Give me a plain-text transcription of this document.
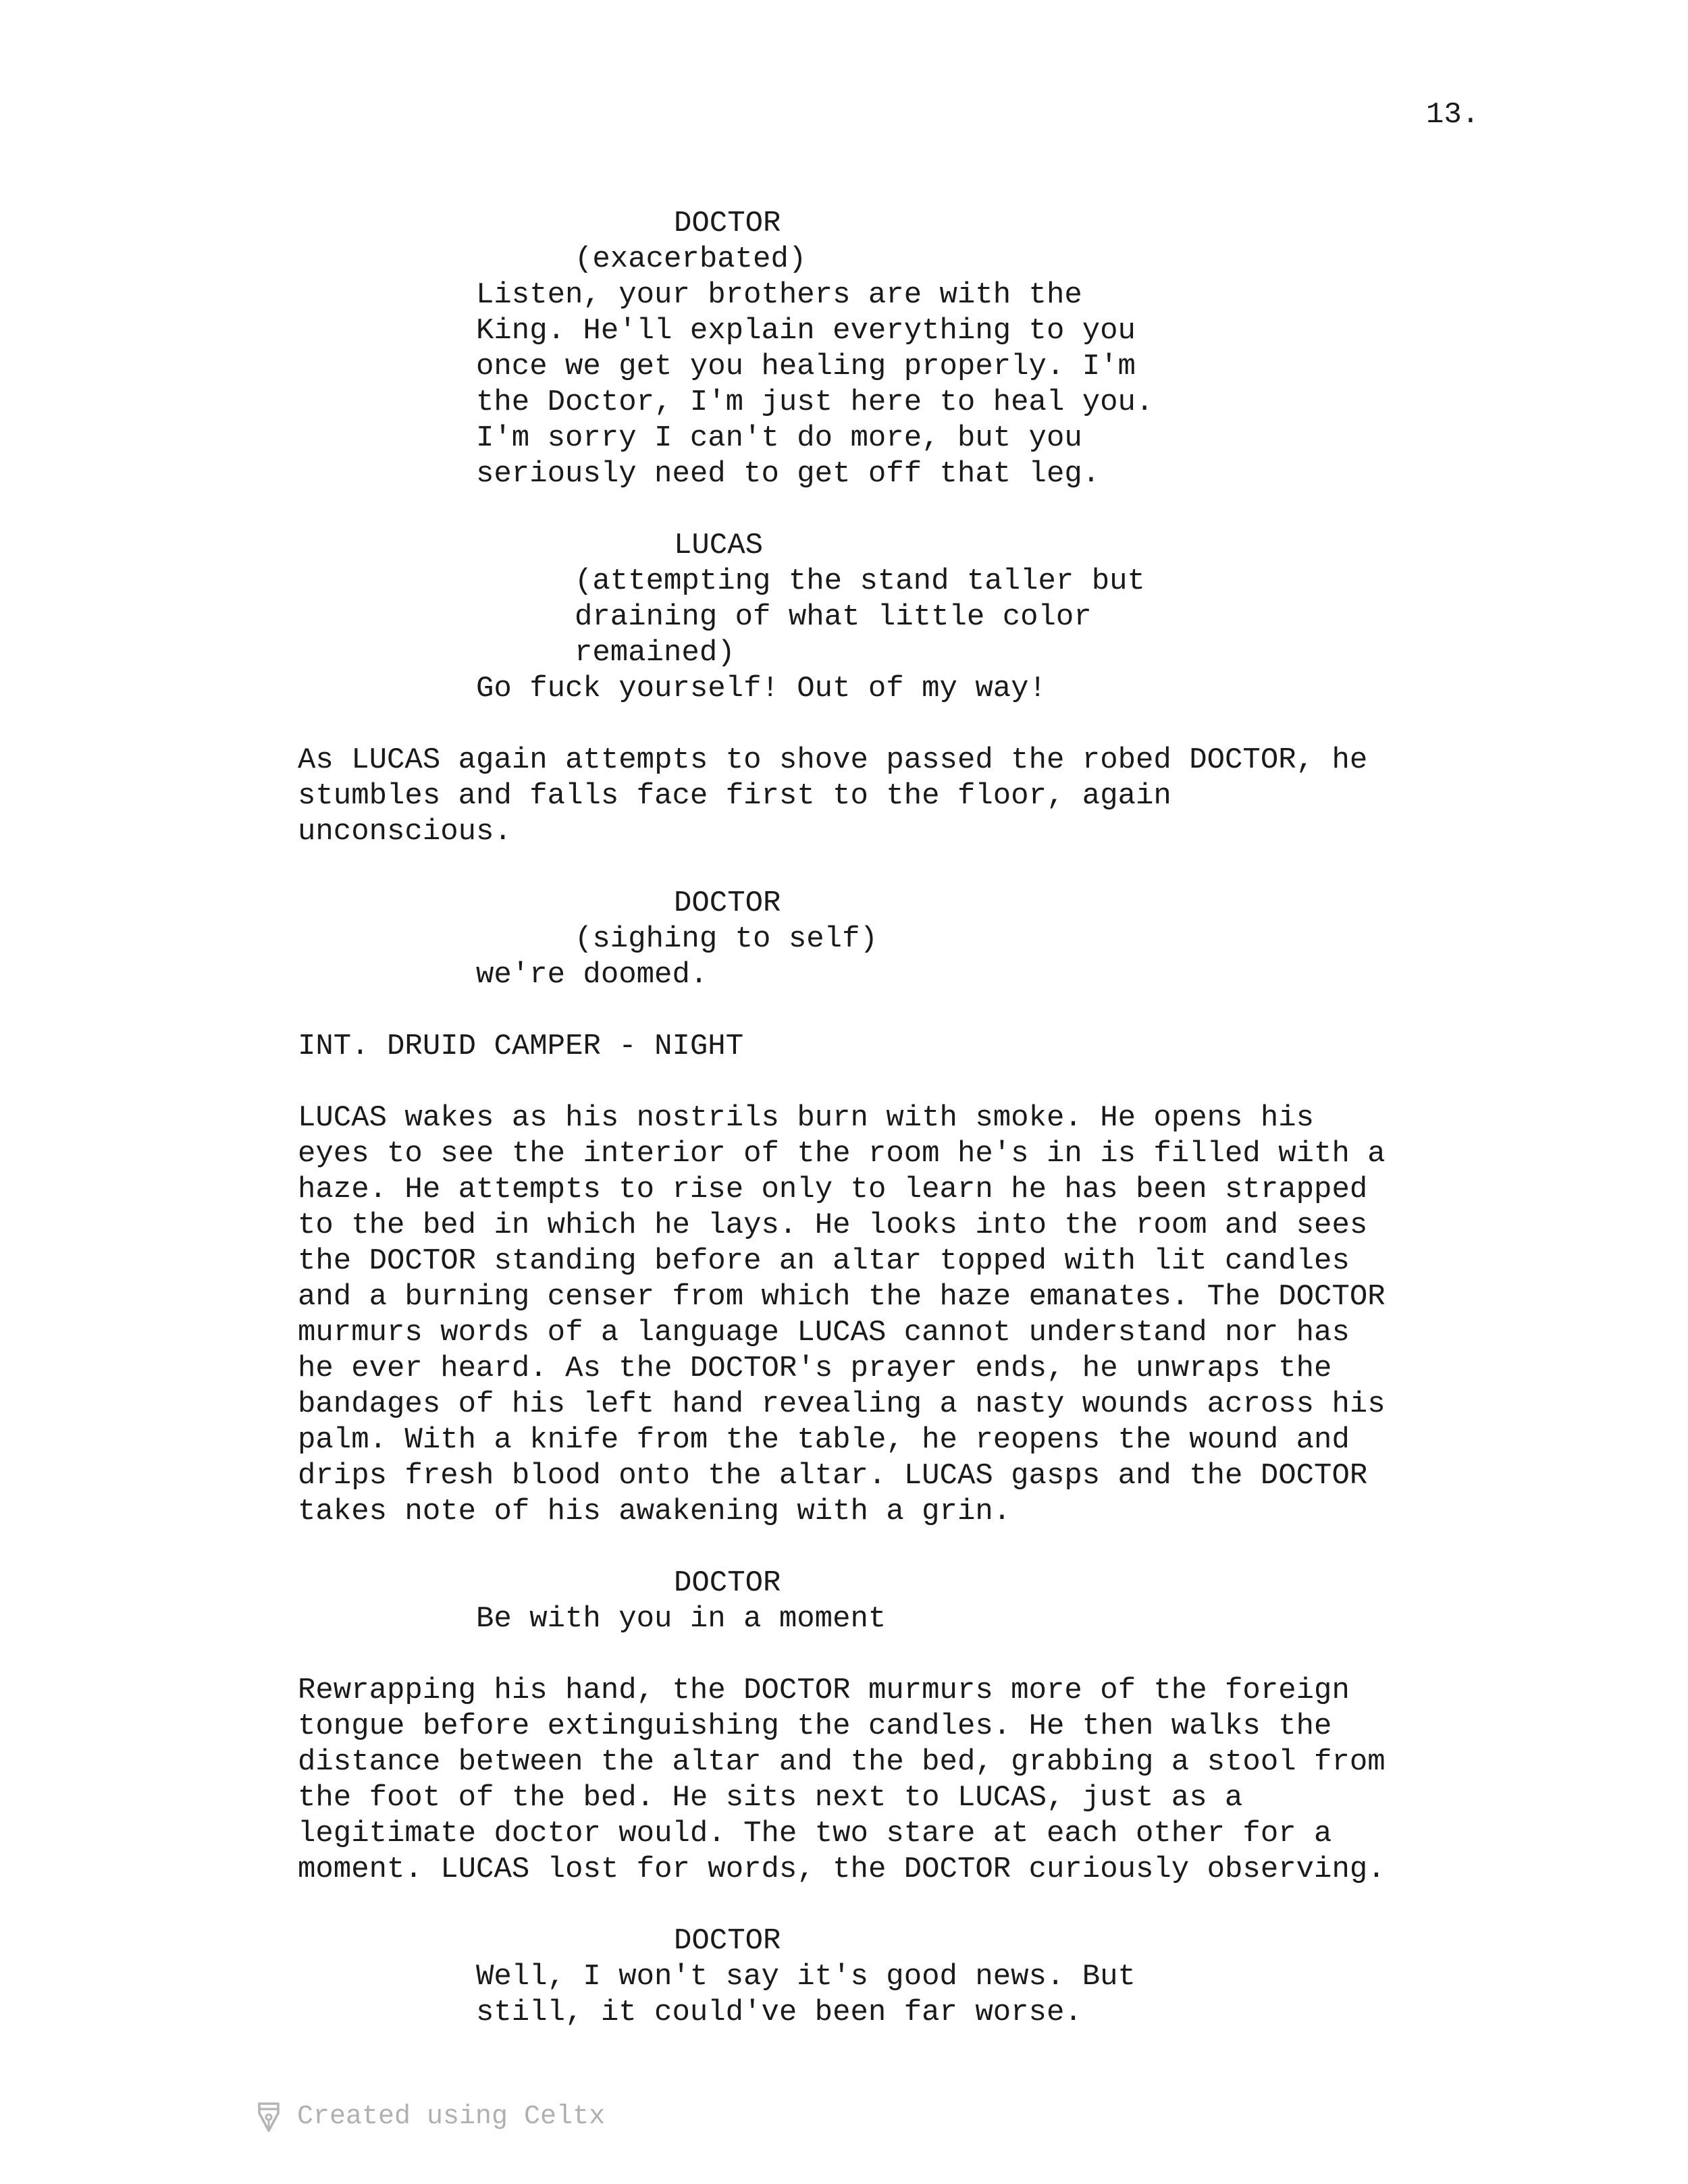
13.
DOCTOR
(exacerbated)
Listen, your brothers are with the
King. He'll explain everything to you
once we get you healing properly. I'm
the Doctor, I'm just here to heal you.
I'm sorry I can't do more, but you
seriously need to get off that leg.
LUCAS
(attempting the stand taller but
draining of what little color
remained)
Go fuck yourself! Out of my way!
As LUCAS again attempts to shove passed the robed DOCTOR, he
stumbles and falls face first to the floor, again
unconscious.
DOCTOR
(sighing to self)
we're doomed.
INT. DRUID CAMPER - NIGHT
LUCAS wakes as his nostrils burn with smoke. He opens his
eyes to see the interior of the room he's in is filled with a
haze. He attempts to rise only to learn he has been strapped
to the bed in which he lays. He looks into the room and sees
the DOCTOR standing before an altar topped with lit candles
and a burning censer from which the haze emanates. The DOCTOR
murmurs words of a language LUCAS cannot understand nor has
he ever heard. As the DOCTOR's prayer ends, he unwraps the
bandages of his left hand revealing a nasty wounds across his
palm. With a knife from the table, he reopens the wound and
drips fresh blood onto the altar. LUCAS gasps and the DOCTOR
takes note of his awakening with a grin.
DOCTOR
Be with you in a moment
Rewrapping his hand, the DOCTOR murmurs more of the foreign
tongue before extinguishing the candles. He then walks the
distance between the altar and the bed, grabbing a stool from
the foot of the bed. He sits next to LUCAS, just as a
legitimate doctor would. The two stare at each other for a
moment. LUCAS lost for words, the DOCTOR curiously observing.
DOCTOR
Well, I won't say it's good news. But
still, it could've been far worse.
Created using Celtx
